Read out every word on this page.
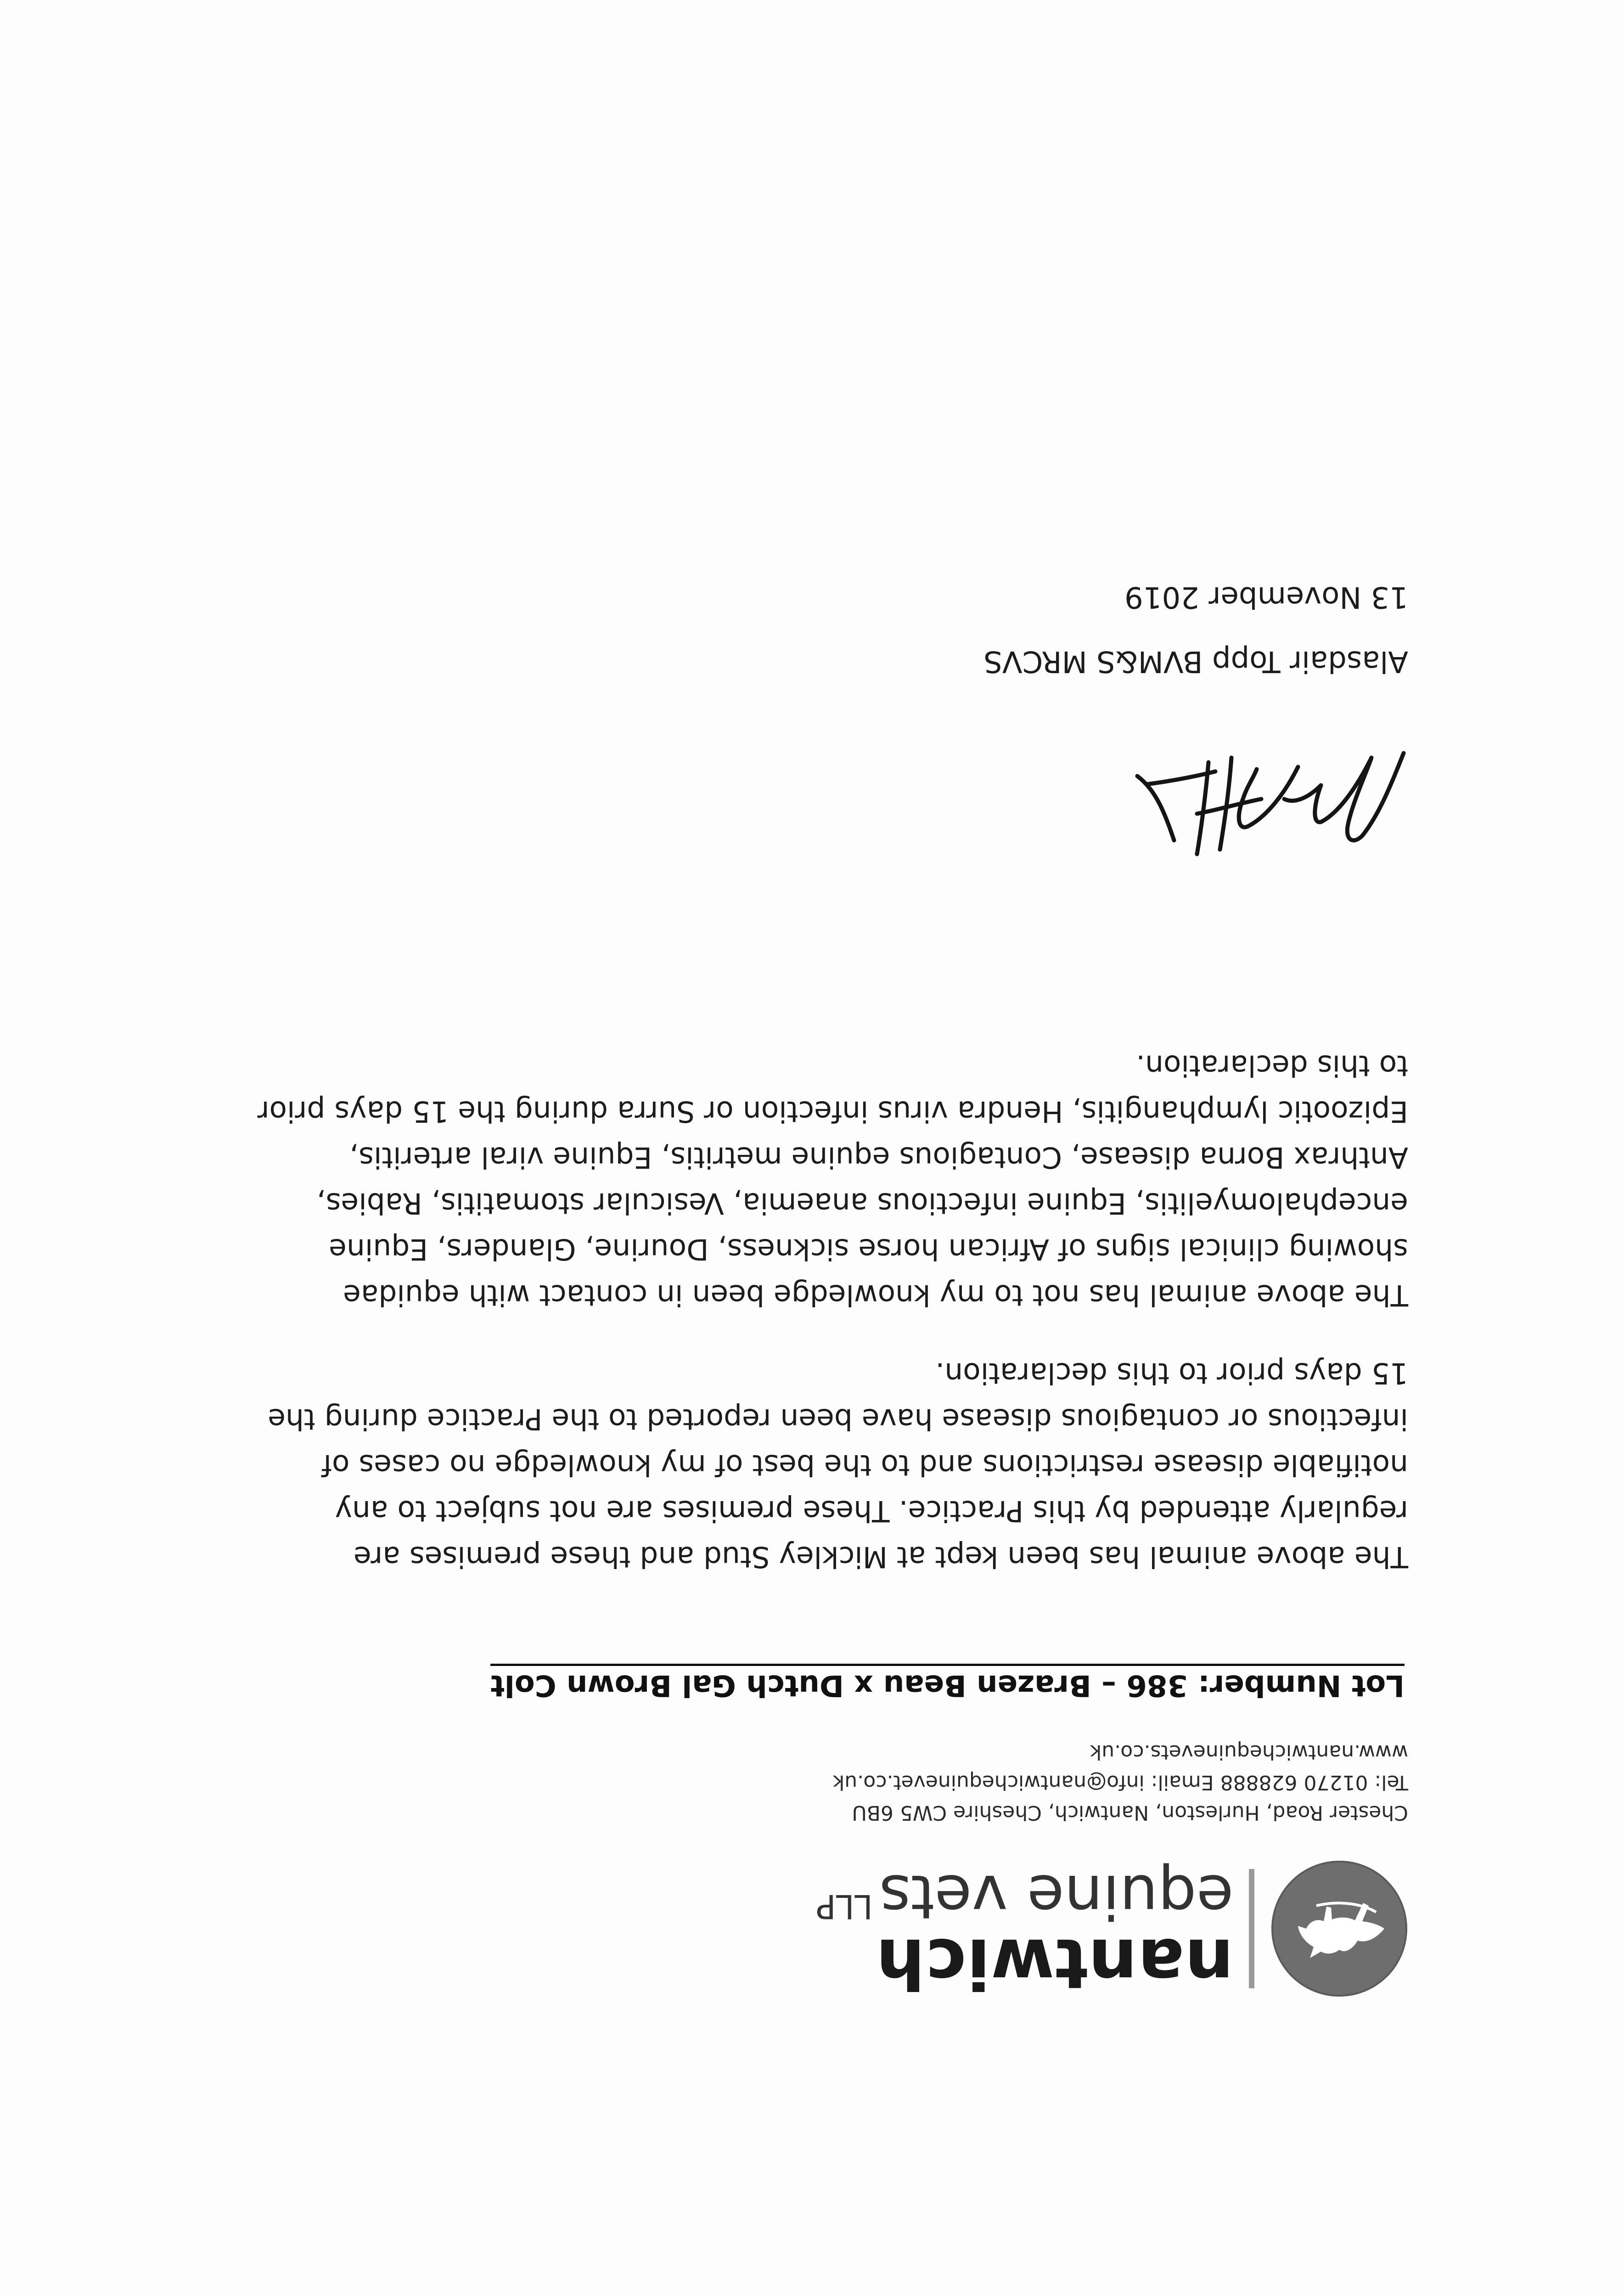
nantwich
equine vetsLLP
Chester Road, Hurleston, Nantwich, Cheshire CW5 6BU
Tel: 01270 628888 Email: info@nantwichequinevet.co.uk
www.nantwichequinevets.co.uk
Lot Number: 386 – Brazen Beau x Dutch Gal Brown Colt
The above animal has been kept at Mickley Stud and these premises are
regularly attended by this Practice. These premises are not subject to any
notifiable disease restrictions and to the best of my knowledge no cases of
infectious or contagious disease have been reported to the Practice during the
15 days prior to this declaration.
The above animal has not to my knowledge been in contact with equidae
showing clinical signs of African horse sickness, Dourine, Glanders, Equine
encephalomyelitis, Equine infectious anaemia, Vesicular stomatitis, Rabies,
Anthrax Borna disease, Contagious equine metritis, Equine viral arteritis,
Epizootic lymphangitis, Hendra virus infection or Surra during the 15 days prior
to this declaration.
Alasdair Topp BVM&S MRCVS
13 November 2019
